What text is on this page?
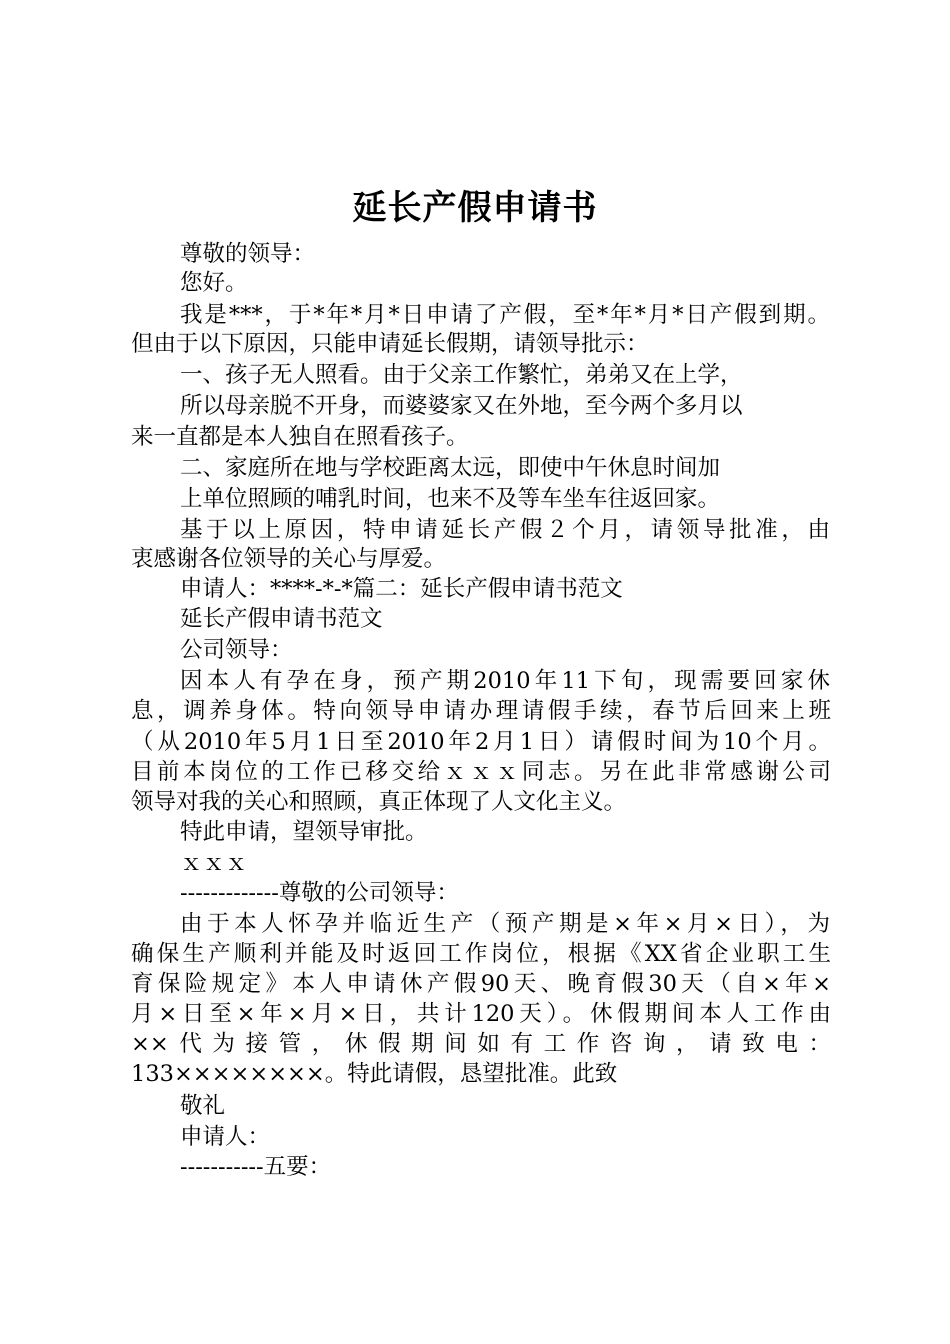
延长产假申请书
尊敬的领导：
您好。
我是***，于*年*月*日申请了产假，至*年*月*日产假到期。
但由于以下原因，只能申请延长假期，请领导批示：
一、孩子无人照看。由于父亲工作繁忙，弟弟又在上学，
所以母亲脱不开身，而婆婆家又在外地，至今两个多月以
来一直都是本人独自在照看孩子。
二、家庭所在地与学校距离太远，即使中午休息时间加
上单位照顾的哺乳时间，也来不及等车坐车往返回家。
基于以上原因，特申请延长产假２个月，请领导批准，由
衷感谢各位领导的关心与厚爱。
申请人：****-*-*篇二：延长产假申请书范文
延长产假申请书范文
公司领导：
因本人有孕在身，预产期2010年11下旬，现需要回家休
息，调养身体。特向领导申请办理请假手续，春节后回来上班
（从2010年5月1日至2010年2月1日）请假时间为10个月。
目前本岗位的工作已移交给ｘｘｘ同志。另在此非常感谢公司
领导对我的关心和照顾，真正体现了人文化主义。
特此申请，望领导审批。
ｘｘｘ
-------------尊敬的公司领导：
由于本人怀孕并临近生产（预产期是×年×月×日），为
确保生产顺利并能及时返回工作岗位，根据《XX省企业职工生
育保险规定》本人申请休产假90天、晚育假30天（自×年×
月×日至×年×月×日，共计120天）。休假期间本人工作由
××代为接管，休假期间如有工作咨询，请致电：
133××××××××。特此请假，恳望批准。此致
敬礼
申请人：
-----------五要：
